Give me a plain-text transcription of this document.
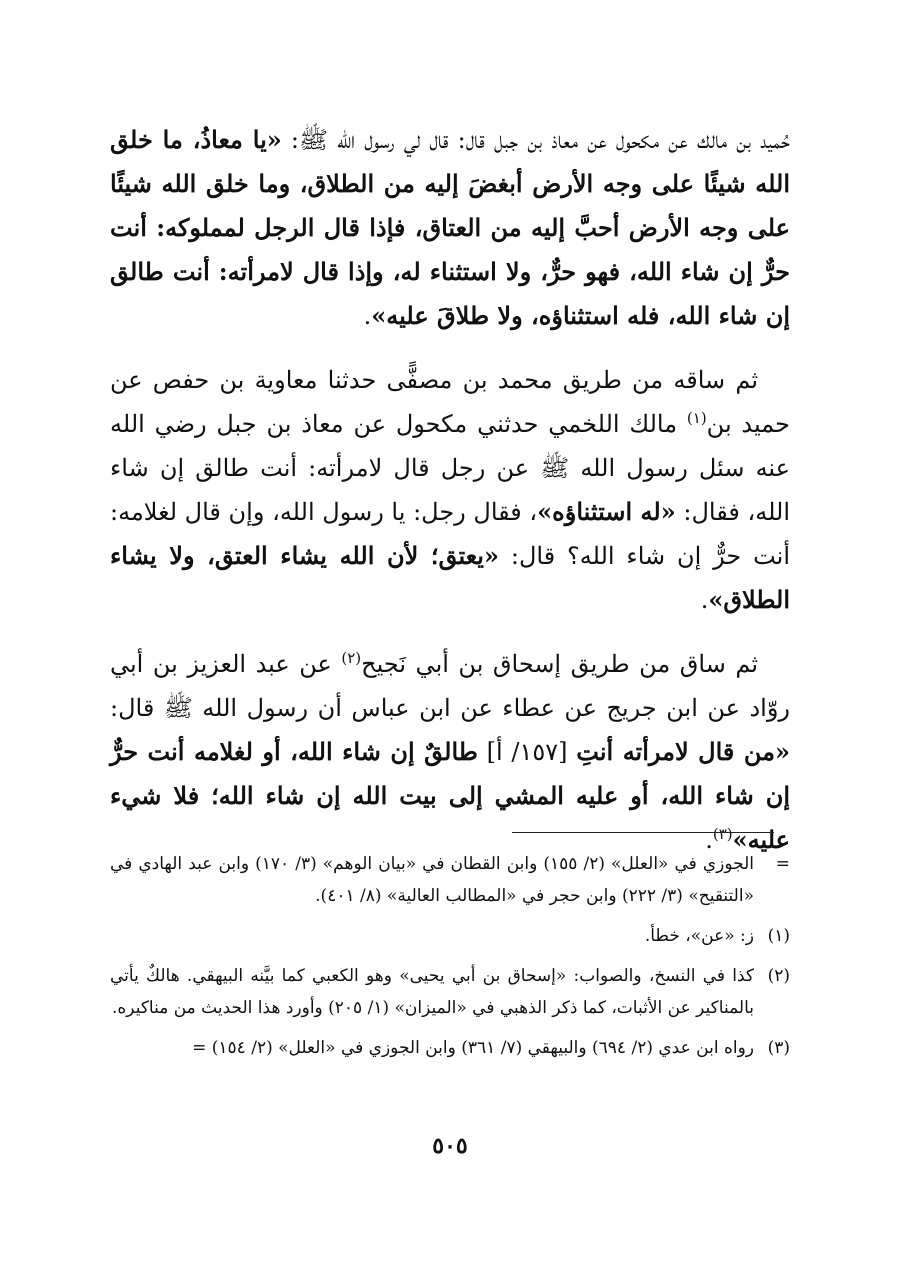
حُميد بن مالك عن مكحول عن معاذ بن جبل قال: قال لي رسول الله ﷺ: «يا معاذُ، ما خلق الله شيئًا على وجه الأرض أبغضَ إليه من الطلاق، وما خلق الله شيئًا على وجه الأرض أحبَّ إليه من العتاق، فإذا قال الرجل لمملوكه: أنت حرٌّ إن شاء الله، فهو حرٌّ، ولا استثناء له، وإذا قال لامرأته: أنت طالق إن شاء الله، فله استثناؤه، ولا طلاقَ عليه».

ثم ساقه من طريق محمد بن مصفًّى حدثنا معاوية بن حفص عن حميد بن$^{(١)}$ مالك اللخمي حدثني مكحول عن معاذ بن جبل رضي الله عنه سئل رسول الله ﷺ عن رجل قال لامرأته: أنت طالق إن شاء الله، فقال: «له استثناؤه»، فقال رجل: يا رسول الله، وإن قال لغلامه: أنت حرٌّ إن شاء الله؟ قال: «يعتق؛ لأن الله يشاء العتق، ولا يشاء الطلاق».

ثم ساق من طريق إسحاق بن أبي نَجيح$^{(٢)}$ عن عبد العزيز بن أبي روّاد عن ابن جريج عن عطاء عن ابن عباس أن رسول الله ﷺ قال: «من قال لامرأته أنتِ [١٥٧/ أ] طالقٌ إن شاء الله، أو لغلامه أنت حرٌّ إن شاء الله، أو عليه المشي إلى بيت الله إن شاء الله؛ فلا شيء عليه»$^{(٣)}$.

=
الجوزي في «العلل» (٢/ ١٥٥) وابن القطان في «بيان الوهم» (٣/ ١٧٠) وابن عبد الهادي في «التنقيح» (٣/ ٢٢٢) وابن حجر في «المطالب العالية» (٨/ ٤٠١).
(١)
ز: «عن»، خطأ.
(٢)
كذا في النسخ، والصواب: «إسحاق بن أبي يحيى» وهو الكعبي كما بيَّنه البيهقي. هالكٌ يأتي بالمناكير عن الأثبات، كما ذكر الذهبي في «الميزان» (١/ ٢٠٥) وأورد هذا الحديث من مناكيره.
(٣)
رواه ابن عدي (٢/ ٦٩٤) والبيهقي (٧/ ٣٦١) وابن الجوزي في «العلل» (٢/ ١٥٤) =
٥٠٥
